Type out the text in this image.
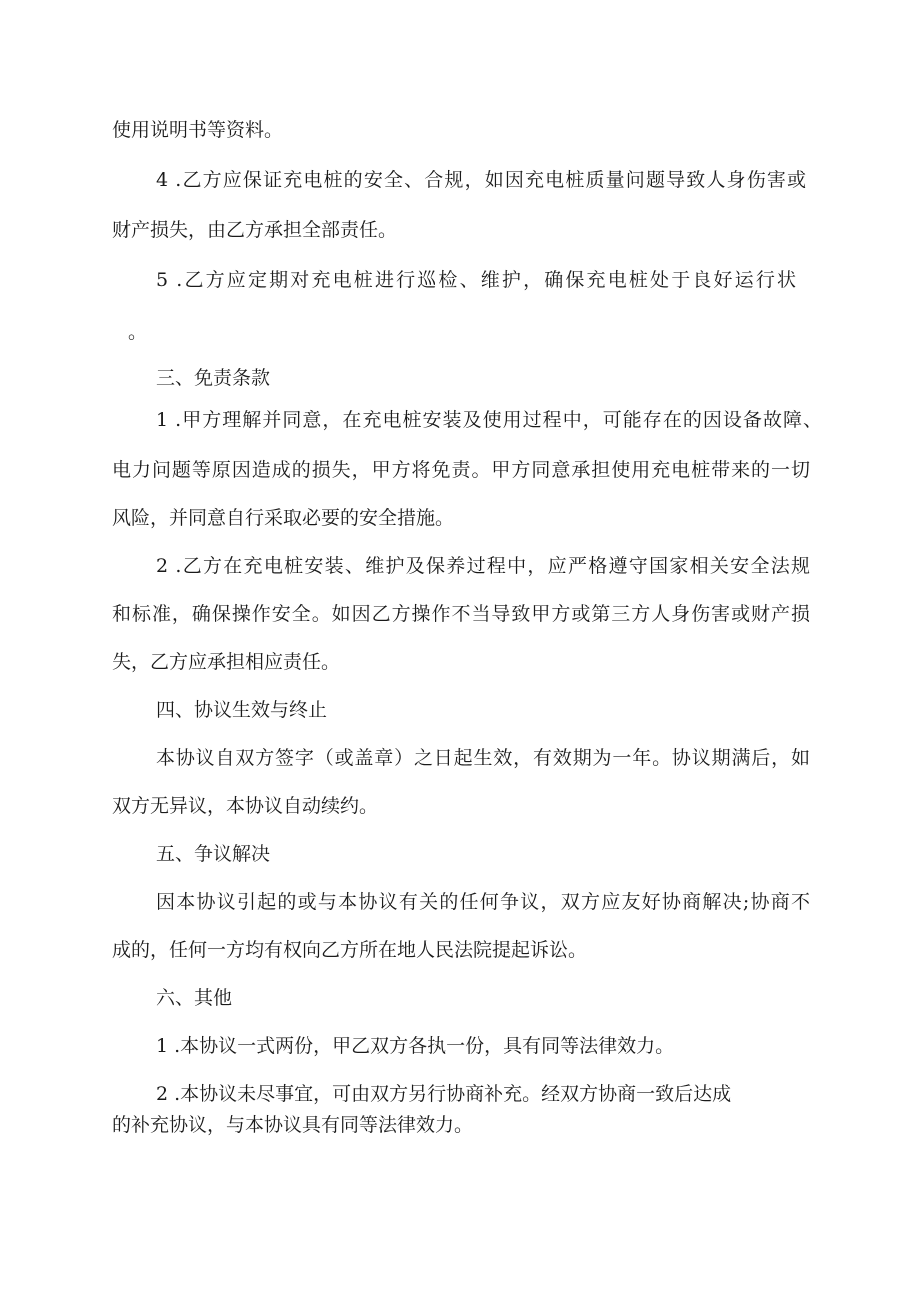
使用说明书等资料。
4 .乙方应保证充电桩的安全、合规，如因充电桩质量问题导致人身伤害或
财产损失，由乙方承担全部责任。
5 .乙方应定期对充电桩进行巡检、维护，确保充电桩处于良好运行状
。
三、免责条款
1 .甲方理解并同意，在充电桩安装及使用过程中，可能存在的因设备故障、
电力问题等原因造成的损失，甲方将免责。甲方同意承担使用充电桩带来的一切
风险，并同意自行采取必要的安全措施。
2 .乙方在充电桩安装、维护及保养过程中，应严格遵守国家相关安全法规
和标准，确保操作安全。如因乙方操作不当导致甲方或第三方人身伤害或财产损
失，乙方应承担相应责任。
四、协议生效与终止
本协议自双方签字（或盖章）之日起生效，有效期为一年。协议期满后，如
双方无异议，本协议自动续约。
五、争议解决
因本协议引起的或与本协议有关的任何争议，双方应友好协商解决;协商不
成的，任何一方均有权向乙方所在地人民法院提起诉讼。
六、其他
1 .本协议一式两份，甲乙双方各执一份，具有同等法律效力。
2 .本协议未尽事宜，可由双方另行协商补充。经双方协商一致后达成
的补充协议，与本协议具有同等法律效力。
